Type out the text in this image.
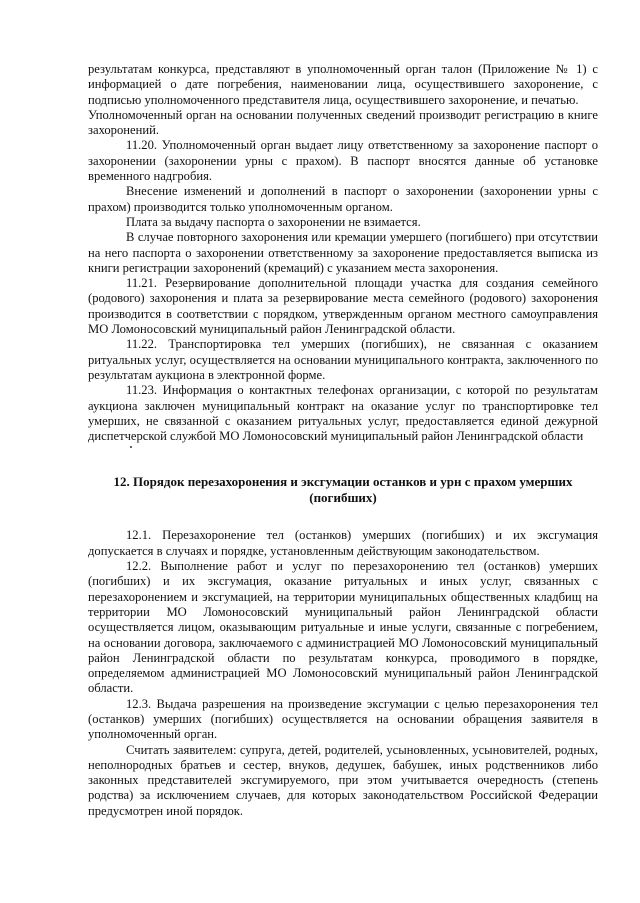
результатам конкурса, представляют в уполномоченный орган талон (Приложение № 1) с информацией о дате погребения, наименовании лица, осуществившего захоронение, с подписью уполномоченного представителя лица, осуществившего захоронение, и печатью.

Уполномоченный орган на основании полученных сведений производит регистрацию в книге захоронений.

11.20. Уполномоченный орган выдает лицу ответственному за захоронение паспорт о захоронении (захоронении урны с прахом). В паспорт вносятся данные об установке временного надгробия.

Внесение изменений и дополнений в паспорт о захоронении (захоронении урны с прахом) производится только уполномоченным органом.

Плата за выдачу паспорта о захоронении не взимается.

В случае повторного захоронения или кремации умершего (погибшего) при отсутствии на него паспорта о захоронении ответственному за захоронение предоставляется выписка из книги регистрации захоронений (кремаций) с указанием места захоронения.

11.21. Резервирование дополнительной площади участка для создания семейного (родового) захоронения и плата за резервирование места семейного (родового) захоронения производится в соответствии с порядком, утвержденным органом местного самоуправления МО Ломоносовский муниципальный район Ленинградской области.

11.22. Транспортировка тел умерших (погибших), не связанная с оказанием ритуальных услуг, осуществляется на основании муниципального контракта, заключенного по результатам аукциона в электронной форме.

11.23. Информация о контактных телефонах организации, с которой по результатам аукциона заключен муниципальный контракт на оказание услуг по транспортировке тел умерших, не связанной с оказанием ритуальных услуг, предоставляется единой дежурной диспетчерской службой МО Ломоносовский муниципальный район Ленинградской области

12. Порядок перезахоронения и эксгумации останков и урн с прахом умерших (погибших)

12.1. Перезахоронение тел (останков) умерших (погибших) и их эксгумация допускается в случаях и порядке, установленным действующим законодательством.

12.2. Выполнение работ и услуг по перезахоронению тел (останков) умерших (погибших) и их эксгумация, оказание ритуальных и иных услуг, связанных с перезахоронением и эксгумацией, на территории муниципальных общественных кладбищ на территории МО Ломоносовский муниципальный район Ленинградской области осуществляется лицом, оказывающим ритуальные и иные услуги, связанные с погребением, на основании договора, заключаемого с администрацией МО Ломоносовский муниципальный район Ленинградской области по результатам конкурса, проводимого в порядке, определяемом администрацией МО Ломоносовский муниципальный район Ленинградской области.

12.3. Выдача разрешения на произведение эксгумации с целью перезахоронения тел (останков) умерших (погибших) осуществляется на основании обращения заявителя в уполномоченный орган.

Считать заявителем: супруга, детей, родителей, усыновленных, усыновителей, родных, неполнородных братьев и сестер, внуков, дедушек, бабушек, иных родственников либо законных представителей эксгумируемого, при этом учитывается очередность (степень родства) за исключением случаев, для которых законодательством Российской Федерации предусмотрен иной порядок.
